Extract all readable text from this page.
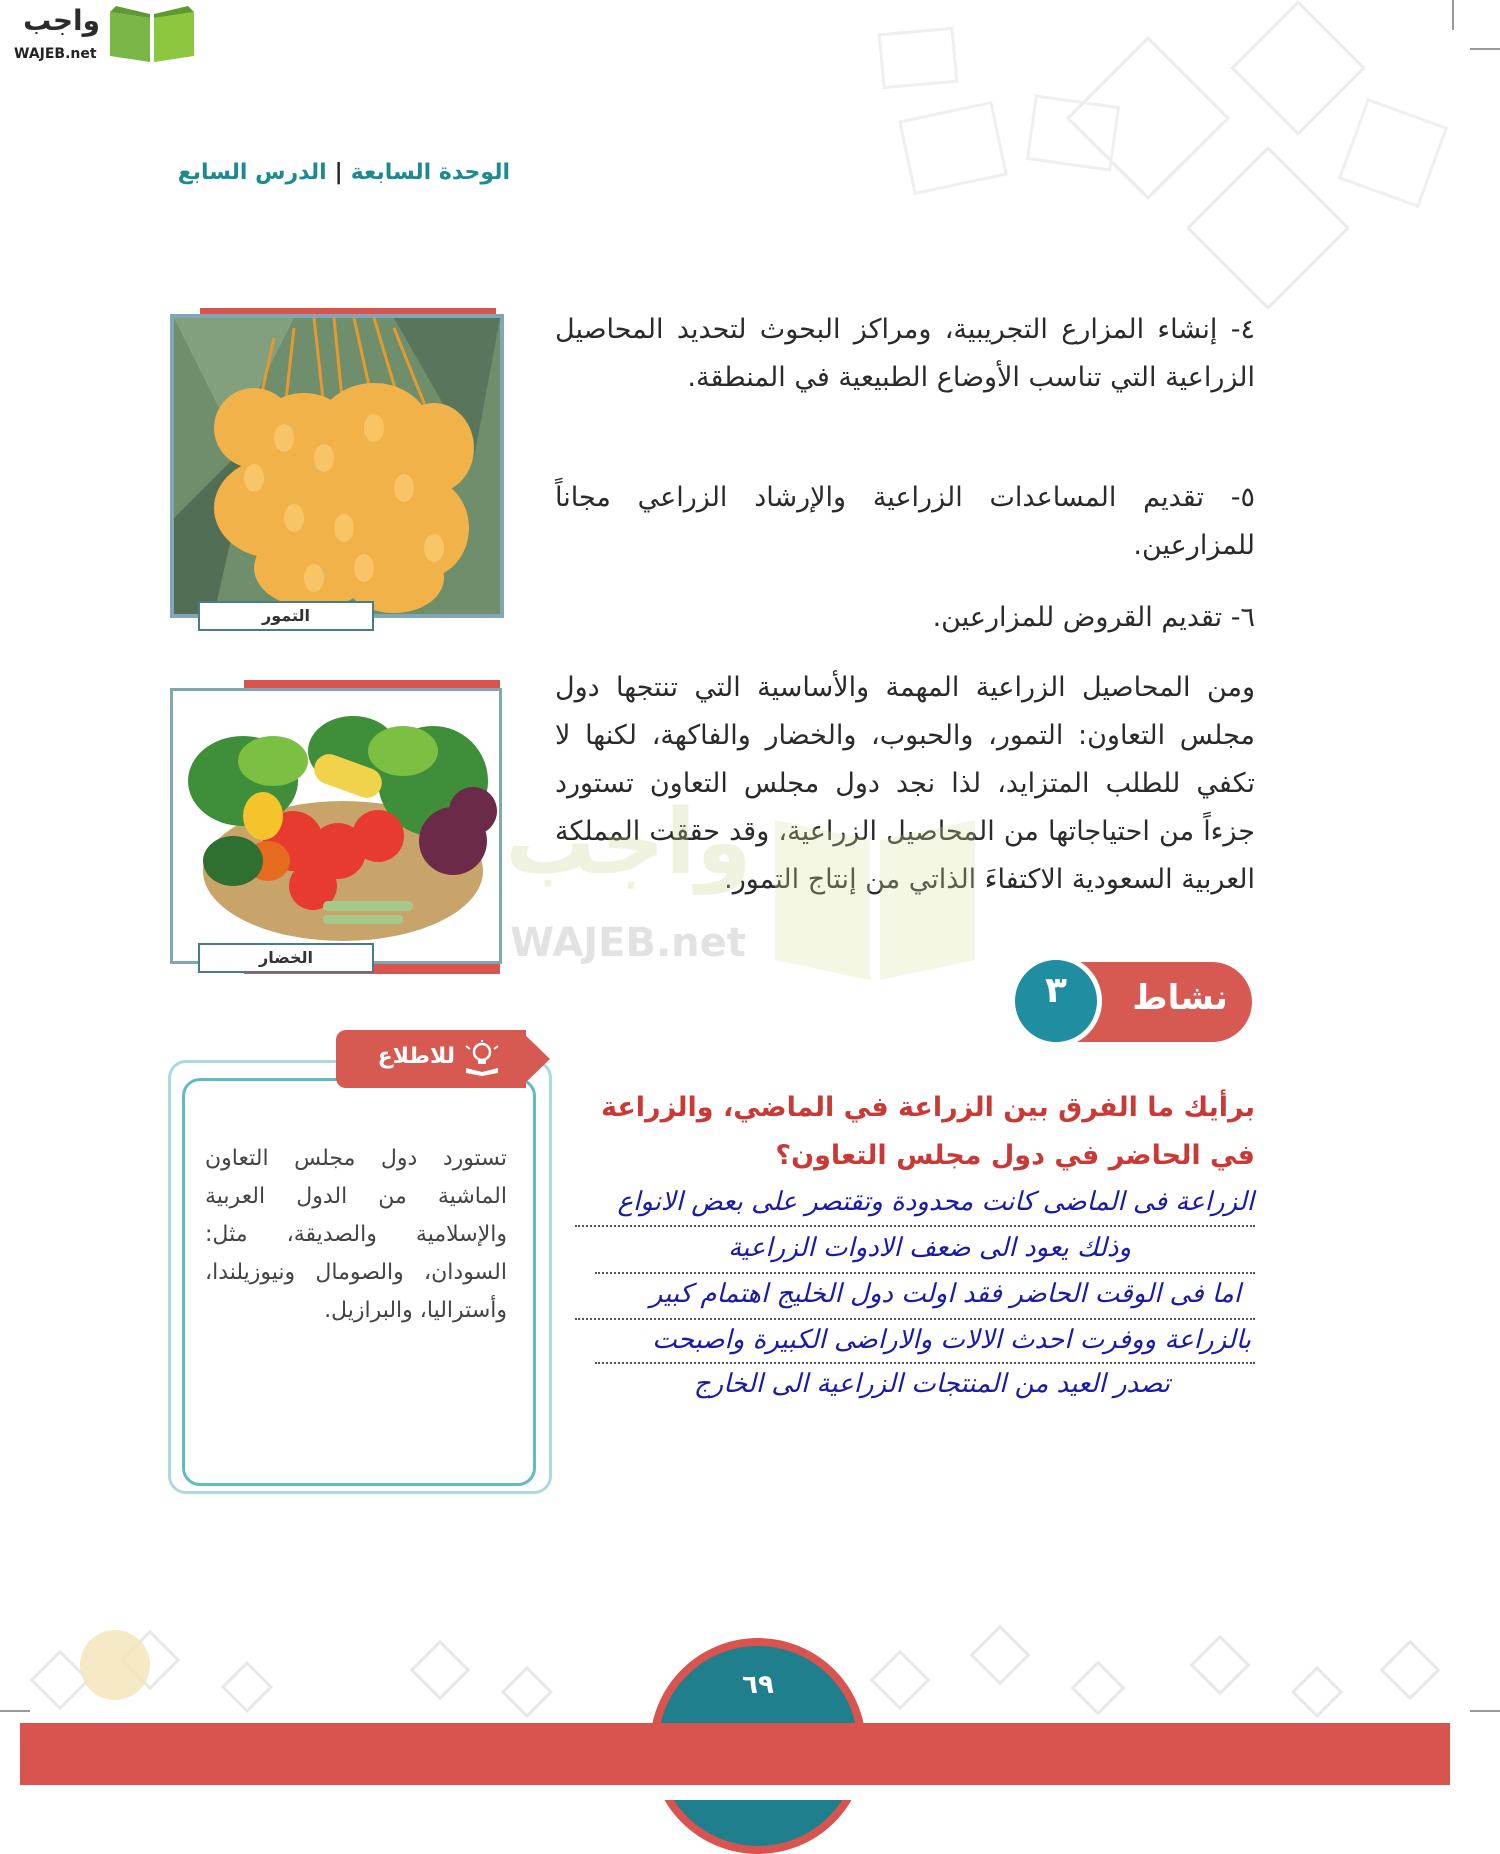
واجب
WAJEB.net
الوحدة السابعة|الدرس السابع
التمور
الخضار
٤- إنشاء المزارع التجريبية، ومراكز البحوث لتحديد المحاصيل الزراعية التي تناسب الأوضاع الطبيعية في المنطقة.
٥- تقديم المساعدات الزراعية والإرشاد الزراعي مجاناً للمزارعين.
٦- تقديم القروض للمزارعين.
ومن المحاصيل الزراعية المهمة والأساسية التي تنتجها دول مجلس التعاون: التمور، والحبوب، والخضار والفاكهة، لكنها لا تكفي للطلب المتزايد، لذا نجد دول مجلس التعاون تستورد جزءاً من احتياجاتها من المحاصيل الزراعية، وقد حققت المملكة العربية السعودية الاكتفاءَ الذاتي من إنتاج التمور.
واجب
WAJEB.net
نشاط
٣
برأيك ما الفرق بين الزراعة في الماضي، والزراعة في الحاضر في دول مجلس التعاون؟
الزراعة فى الماضى كانت محدودة وتقتصر على بعض الانواع
وذلك يعود الى ضعف الادوات الزراعية
اما فى الوقت الحاضر فقد اولت دول الخليج اهتمام كبير
بالزراعة ووفرت احدث الالات والاراضى الكبيرة واصبحت
تصدر العيد من المنتجات الزراعية الى الخارج
للاطلاع
تستورد دول مجلس التعاون الماشية من الدول العربية والإسلامية والصديقة، مثل: السودان، والصومال ونيوزيلندا، وأستراليا، والبرازيل.
٦٩
